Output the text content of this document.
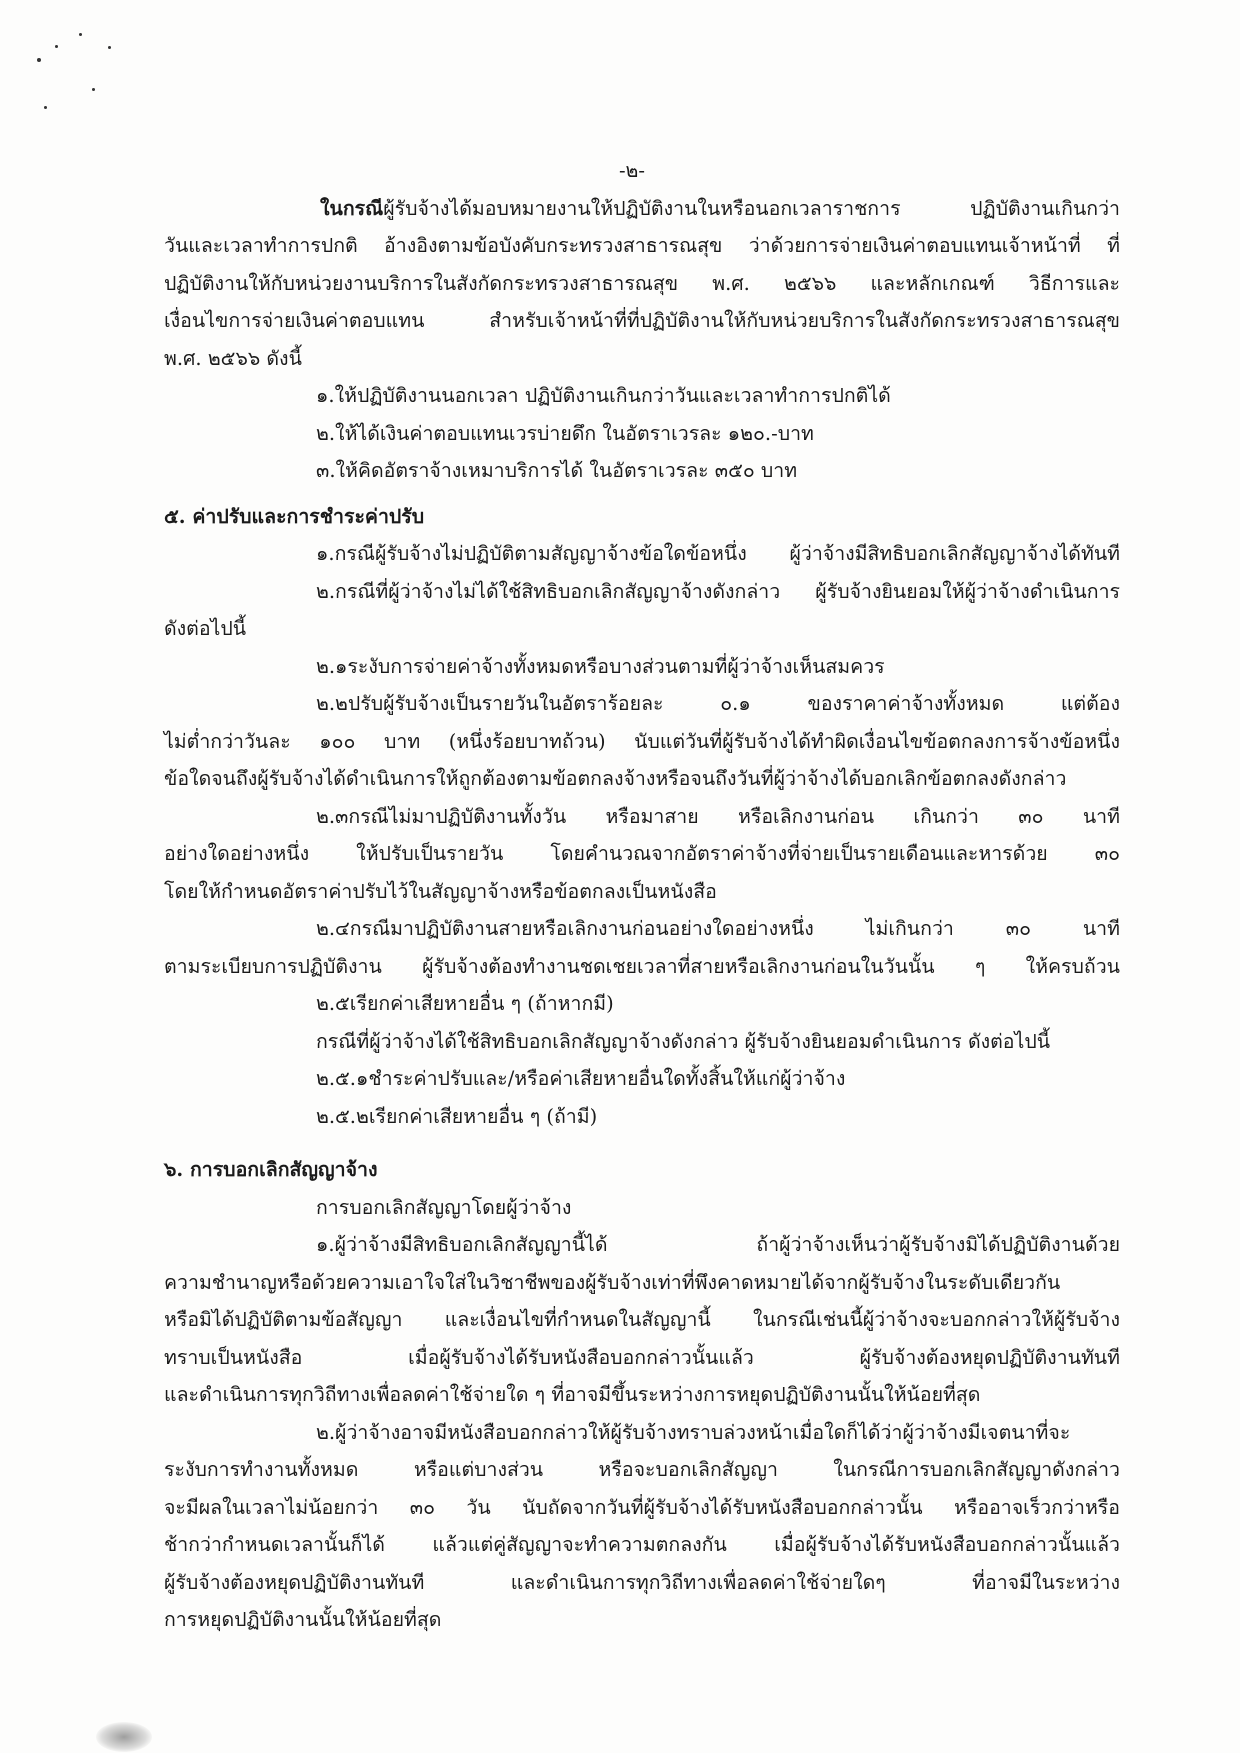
-๒-
ในกรณีผู้รับจ้างได้มอบหมายงานให้ปฏิบัติงานในหรือนอกเวลาราชการ ปฏิบัติงานเกินกว่า
วันและเวลาทำการปกติ อ้างอิงตามข้อบังคับกระทรวงสาธารณสุข ว่าด้วยการจ่ายเงินค่าตอบแทนเจ้าหน้าที่ ที่
ปฏิบัติงานให้กับหน่วยงานบริการในสังกัดกระทรวงสาธารณสุข พ.ศ. ๒๕๖๖ และหลักเกณฑ์ วิธีการและ
เงื่อนไขการจ่ายเงินค่าตอบแทน สำหรับเจ้าหน้าที่ที่ปฏิบัติงานให้กับหน่วยบริการในสังกัดกระทรวงสาธารณสุข
พ.ศ. ๒๕๖๖ ดังนี้
๑.ให้ปฏิบัติงานนอกเวลา ปฏิบัติงานเกินกว่าวันและเวลาทำการปกติได้
๒.ให้ได้เงินค่าตอบแทนเวรบ่ายดึก ในอัตราเวรละ ๑๒๐.-บาท
๓.ให้คิดอัตราจ้างเหมาบริการได้ ในอัตราเวรละ ๓๕๐ บาท
๕. ค่าปรับและการชำระค่าปรับ
๑.กรณีผู้รับจ้างไม่ปฏิบัติตามสัญญาจ้างข้อใดข้อหนึ่ง ผู้ว่าจ้างมีสิทธิบอกเลิกสัญญาจ้างได้ทันที
๒.กรณีที่ผู้ว่าจ้างไม่ได้ใช้สิทธิบอกเลิกสัญญาจ้างดังกล่าว ผู้รับจ้างยินยอมให้ผู้ว่าจ้างดำเนินการ
ดังต่อไปนี้
๒.๑ระงับการจ่ายค่าจ้างทั้งหมดหรือบางส่วนตามที่ผู้ว่าจ้างเห็นสมควร
๒.๒ปรับผู้รับจ้างเป็นรายวันในอัตราร้อยละ ๐.๑ ของราคาค่าจ้างทั้งหมด แต่ต้อง
ไม่ต่ำกว่าวันละ ๑๐๐ บาท (หนึ่งร้อยบาทถ้วน) นับแต่วันที่ผู้รับจ้างได้ทำผิดเงื่อนไขข้อตกลงการจ้างข้อหนึ่ง
ข้อใดจนถึงผู้รับจ้างได้ดำเนินการให้ถูกต้องตามข้อตกลงจ้างหรือจนถึงวันที่ผู้ว่าจ้างได้บอกเลิกข้อตกลงดังกล่าว
๒.๓กรณีไม่มาปฏิบัติงานทั้งวัน หรือมาสาย หรือเลิกงานก่อน เกินกว่า ๓๐ นาที
อย่างใดอย่างหนึ่ง ให้ปรับเป็นรายวัน โดยคำนวณจากอัตราค่าจ้างที่จ่ายเป็นรายเดือนและหารด้วย ๓๐
โดยให้กำหนดอัตราค่าปรับไว้ในสัญญาจ้างหรือข้อตกลงเป็นหนังสือ
๒.๔กรณีมาปฏิบัติงานสายหรือเลิกงานก่อนอย่างใดอย่างหนึ่ง ไม่เกินกว่า ๓๐ นาที
ตามระเบียบการปฏิบัติงาน ผู้รับจ้างต้องทำงานชดเชยเวลาที่สายหรือเลิกงานก่อนในวันนั้น ๆ ให้ครบถ้วน
๒.๕เรียกค่าเสียหายอื่น ๆ (ถ้าหากมี)
กรณีที่ผู้ว่าจ้างได้ใช้สิทธิบอกเลิกสัญญาจ้างดังกล่าว ผู้รับจ้างยินยอมดำเนินการ ดังต่อไปนี้
๒.๕.๑ชำระค่าปรับและ/หรือค่าเสียหายอื่นใดทั้งสิ้นให้แก่ผู้ว่าจ้าง
๒.๕.๒เรียกค่าเสียหายอื่น ๆ (ถ้ามี)
๖. การบอกเลิกสัญญาจ้าง
การบอกเลิกสัญญาโดยผู้ว่าจ้าง
๑.ผู้ว่าจ้างมีสิทธิบอกเลิกสัญญานี้ได้ ถ้าผู้ว่าจ้างเห็นว่าผู้รับจ้างมิได้ปฏิบัติงานด้วย
ความชำนาญหรือด้วยความเอาใจใส่ในวิชาชีพของผู้รับจ้างเท่าที่พึงคาดหมายได้จากผู้รับจ้างในระดับเดียวกัน
หรือมิได้ปฏิบัติตามข้อสัญญา และเงื่อนไขที่กำหนดในสัญญานี้ ในกรณีเช่นนี้ผู้ว่าจ้างจะบอกกล่าวให้ผู้รับจ้าง
ทราบเป็นหนังสือ เมื่อผู้รับจ้างได้รับหนังสือบอกกล่าวนั้นแล้ว ผู้รับจ้างต้องหยุดปฏิบัติงานทันที
และดำเนินการทุกวิถีทางเพื่อลดค่าใช้จ่ายใด ๆ ที่อาจมีขึ้นระหว่างการหยุดปฏิบัติงานนั้นให้น้อยที่สุด
๒.ผู้ว่าจ้างอาจมีหนังสือบอกกล่าวให้ผู้รับจ้างทราบล่วงหน้าเมื่อใดก็ได้ว่าผู้ว่าจ้างมีเจตนาที่จะ
ระงับการทำงานทั้งหมด หรือแต่บางส่วน หรือจะบอกเลิกสัญญา ในกรณีการบอกเลิกสัญญาดังกล่าว
จะมีผลในเวลาไม่น้อยกว่า ๓๐ วัน นับถัดจากวันที่ผู้รับจ้างได้รับหนังสือบอกกล่าวนั้น หรืออาจเร็วกว่าหรือ
ช้ากว่ากำหนดเวลานั้นก็ได้ แล้วแต่คู่สัญญาจะทำความตกลงกัน เมื่อผู้รับจ้างได้รับหนังสือบอกกล่าวนั้นแล้ว
ผู้รับจ้างต้องหยุดปฏิบัติงานทันที และดำเนินการทุกวิถีทางเพื่อลดค่าใช้จ่ายใดๆ ที่อาจมีในระหว่าง
การหยุดปฏิบัติงานนั้นให้น้อยที่สุด
